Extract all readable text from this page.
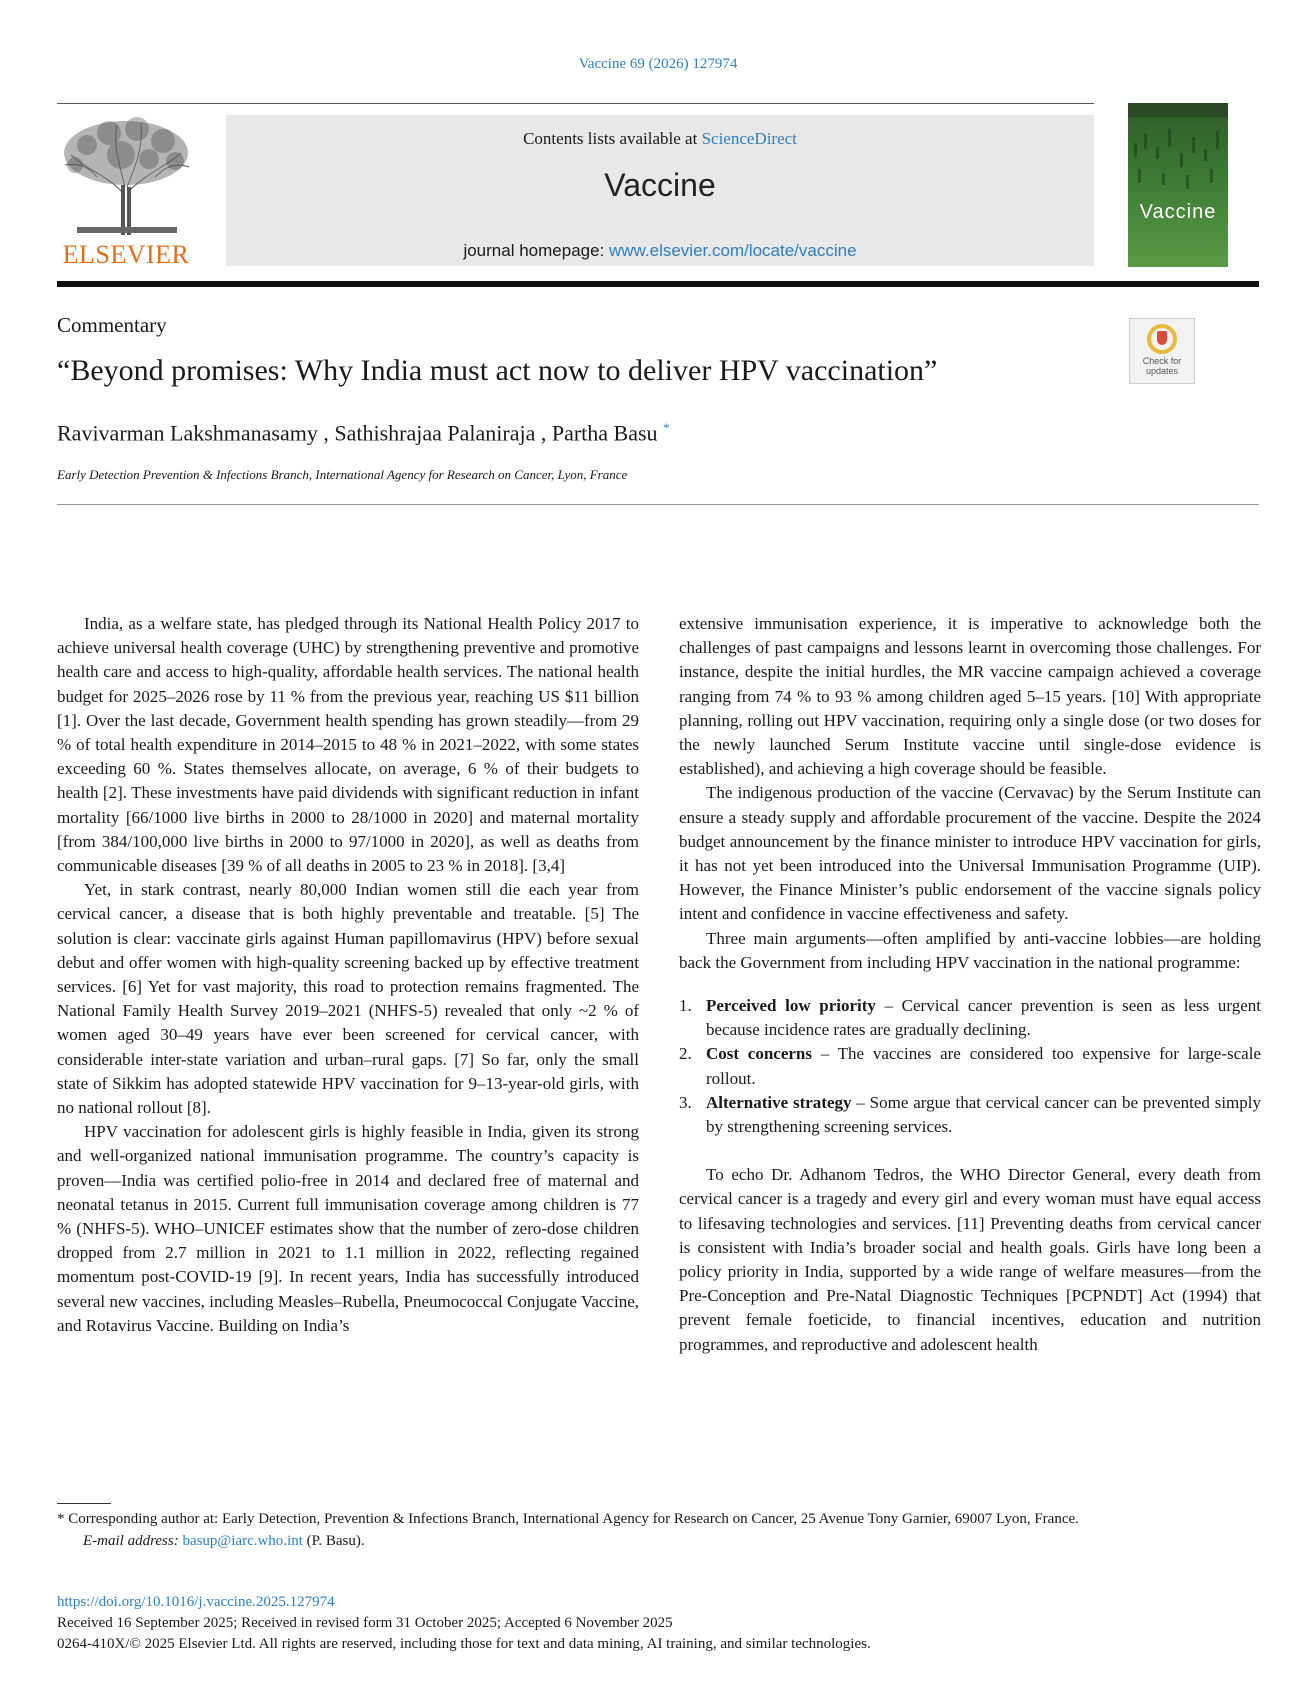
Vaccine 69 (2026) 127974
ELSEVIER
Contents lists available at ScienceDirect
Vaccine
journal homepage: www.elsevier.com/locate/vaccine
Vaccine
Commentary
“Beyond promises: Why India must act now to deliver HPV vaccination”	Check for
updates
Ravivarman Lakshmanasamy , Sathishrajaa Palaniraja , Partha Basu *
Early Detection Prevention & Infections Branch, International Agency for Research on Cancer, Lyon, France

India, as a welfare state, has pledged through its National Health Policy 2017 to achieve universal health coverage (UHC) by strengthening preventive and promotive health care and access to high-quality, affordable health services. The national health budget for 2025–2026 rose by 11 % from the previous year, reaching US $11 billion [1]. Over the last decade, Government health spending has grown steadily—from 29 % of total health expenditure in 2014–2015 to 48 % in 2021–2022, with some states exceeding 60 %. States themselves allocate, on average, 6 % of their budgets to health [2]. These investments have paid dividends with significant reduction in infant mortality [66/1000 live births in 2000 to 28/1000 in 2020] and maternal mortality [from 384/100,000 live births in 2000 to 97/1000 in 2020], as well as deaths from communicable diseases [39 % of all deaths in 2005 to 23 % in 2018]. [3,4]

Yet, in stark contrast, nearly 80,000 Indian women still die each year from cervical cancer, a disease that is both highly preventable and treatable. [5] The solution is clear: vaccinate girls against Human papillomavirus (HPV) before sexual debut and offer women with high-quality screening backed up by effective treatment services. [6] Yet for vast majority, this road to protection remains fragmented. The National Family Health Survey 2019–2021 (NHFS-5) revealed that only ~2 % of women aged 30–49 years have ever been screened for cervical cancer, with considerable inter-state variation and urban–rural gaps. [7] So far, only the small state of Sikkim has adopted statewide HPV vaccination for 9–13-year-old girls, with no national rollout [8].

HPV vaccination for adolescent girls is highly feasible in India, given its strong and well-organized national immunisation programme. The country’s capacity is proven—India was certified polio-free in 2014 and declared free of maternal and neonatal tetanus in 2015. Current full immunisation coverage among children is 77 % (NHFS-5). WHO–UNICEF estimates show that the number of zero-dose children dropped from 2.7 million in 2021 to 1.1 million in 2022, reflecting regained momentum post-COVID-19 [9]. In recent years, India has successfully introduced several new vaccines, including Measles–Rubella, Pneumococcal Conjugate Vaccine, and Rotavirus Vaccine. Building on India’s

extensive immunisation experience, it is imperative to acknowledge both the challenges of past campaigns and lessons learnt in overcoming those challenges. For instance, despite the initial hurdles, the MR vaccine campaign achieved a coverage ranging from 74 % to 93 % among children aged 5–15 years. [10] With appropriate planning, rolling out HPV vaccination, requiring only a single dose (or two doses for the newly launched Serum Institute vaccine until single-dose evidence is established), and achieving a high coverage should be feasible.

The indigenous production of the vaccine (Cervavac) by the Serum Institute can ensure a steady supply and affordable procurement of the vaccine. Despite the 2024 budget announcement by the finance minister to introduce HPV vaccination for girls, it has not yet been introduced into the Universal Immunisation Programme (UIP). However, the Finance Minister’s public endorsement of the vaccine signals policy intent and confidence in vaccine effectiveness and safety.

Three main arguments—often amplified by anti-vaccine lobbies—are holding back the Government from including HPV vaccination in the national programme:

1. Perceived low priority – Cervical cancer prevention is seen as less urgent because incidence rates are gradually declining.
2. Cost concerns – The vaccines are considered too expensive for large-scale rollout.
3. Alternative strategy – Some argue that cervical cancer can be prevented simply by strengthening screening services.

To echo Dr. Adhanom Tedros, the WHO Director General, every death from cervical cancer is a tragedy and every girl and every woman must have equal access to lifesaving technologies and services. [11] Preventing deaths from cervical cancer is consistent with India’s broader social and health goals. Girls have long been a policy priority in India, supported by a wide range of welfare measures—from the Pre-Conception and Pre-Natal Diagnostic Techniques [PCPNDT] Act (1994) that prevent female foeticide, to financial incentives, education and nutrition programmes, and reproductive and adolescent health

* Corresponding author at: Early Detection, Prevention & Infections Branch, International Agency for Research on Cancer, 25 Avenue Tony Garnier, 69007 Lyon, France.
E-mail address: basup@iarc.who.int (P. Basu).
https://doi.org/10.1016/j.vaccine.2025.127974
Received 16 September 2025; Received in revised form 31 October 2025; Accepted 6 November 2025
0264-410X/© 2025 Elsevier Ltd. All rights are reserved, including those for text and data mining, AI training, and similar technologies.
